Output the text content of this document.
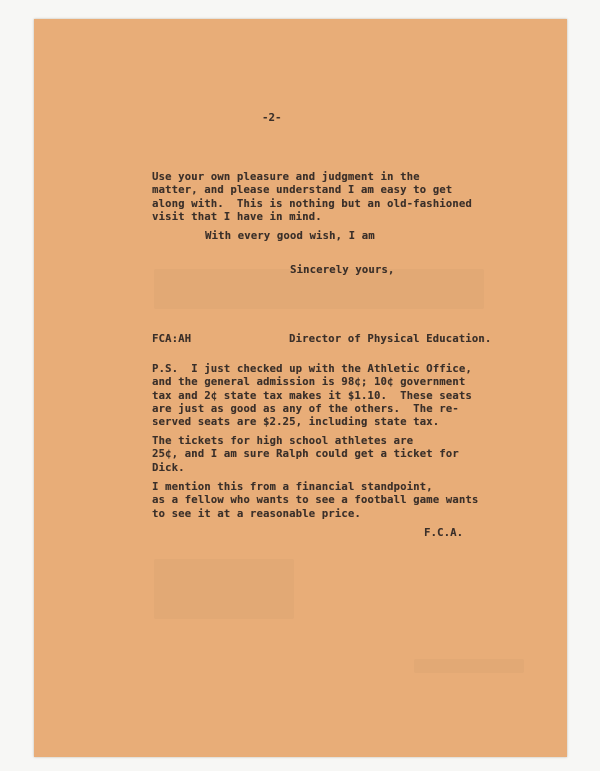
-2-
Use your own pleasure and judgment in the
matter, and please understand I am easy to get
along with.  This is nothing but an old-fashioned
visit that I have in mind.
With every good wish, I am
Sincerely yours,
FCA:AH	Director of Physical Education.
P.S.  I just checked up with the Athletic Office,
and the general admission is 98¢; 10¢ government
tax and 2¢ state tax makes it $1.10.  These seats
are just as good as any of the others.  The re-
served seats are $2.25, including state tax.
The tickets for high school athletes are
25¢, and I am sure Ralph could get a ticket for
Dick.
I mention this from a financial standpoint,
as a fellow who wants to see a football game wants
to see it at a reasonable price.
F.C.A.
